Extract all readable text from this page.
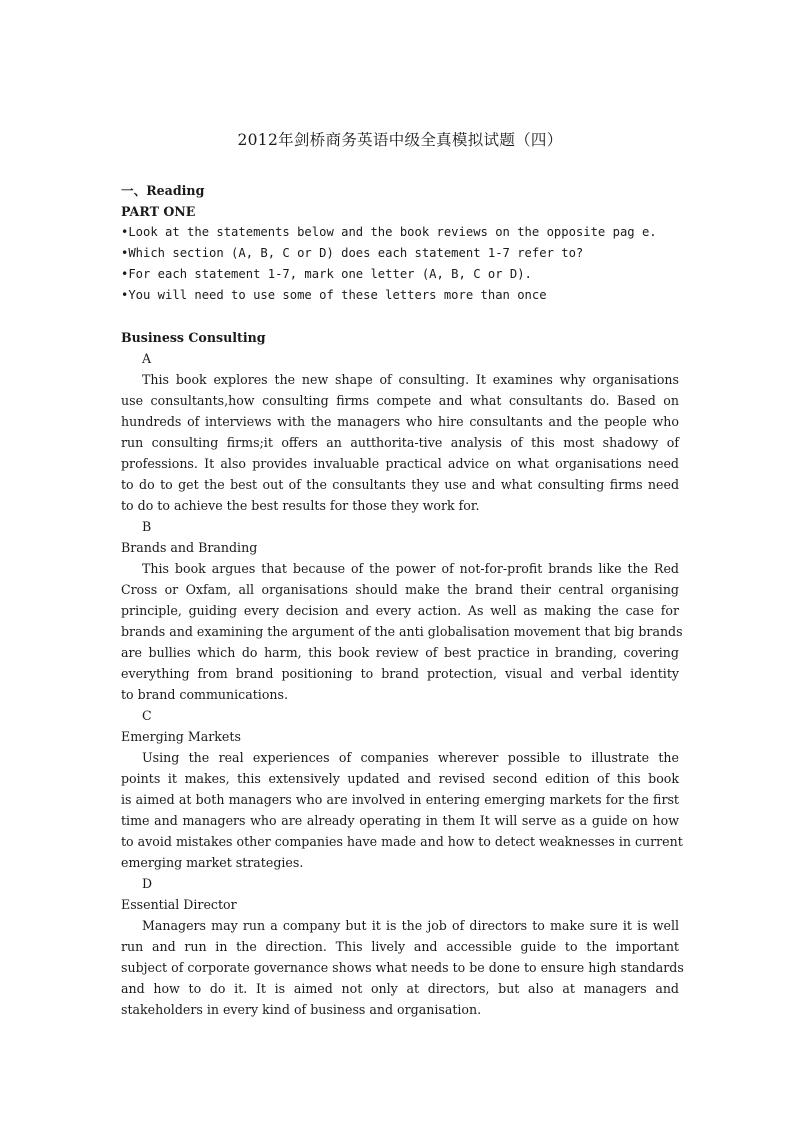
2012年剑桥商务英语中级全真模拟试题（四）
一、Reading
PART ONE
•Look at the statements below and the book reviews on the opposite pag e.
•Which section (A, B, C or D) does each statement 1-7 refer to?
•For each statement 1-7, mark one letter (A, B, C or D).
•You will need to use some of these letters more than once
Business Consulting
A
This book explores the new shape of consulting. It examines why organisations
use consultants,how consulting firms compete and what consultants do. Based on
hundreds of interviews with the managers who hire consultants and the people who
run consulting firms;it offers an autthorita-tive analysis of this most shadowy of
professions. It also provides invaluable practical advice on what organisations need
to do to get the best out of the consultants they use and what consulting firms need
to do to achieve the best results for those they work for.
B
Brands and Branding
This book argues that because of the power of not-for-profit brands like the Red
Cross or Oxfam, all organisations should make the brand their central organising
principle, guiding every decision and every action. As well as making the case for
brands and examining the argument of the anti globalisation movement that big brands
are bullies which do harm, this book review of best practice in branding, covering
everything from brand positioning to brand protection, visual and verbal identity
to brand communications.
C
Emerging Markets
Using the real experiences of companies wherever possible to illustrate the
points it makes, this extensively updated and revised second edition of this book
is aimed at both managers who are involved in entering emerging markets for the first
time and managers who are already operating in them It will serve as a guide on how
to avoid mistakes other companies have made and how to detect weaknesses in current
emerging market strategies.
D
Essential Director
Managers may run a company but it is the job of directors to make sure it is well
run and run in the direction. This lively and accessible guide to the important
subject of corporate governance shows what needs to be done to ensure high standards
and how to do it. It is aimed not only at directors, but also at managers and
stakeholders in every kind of business and organisation.
